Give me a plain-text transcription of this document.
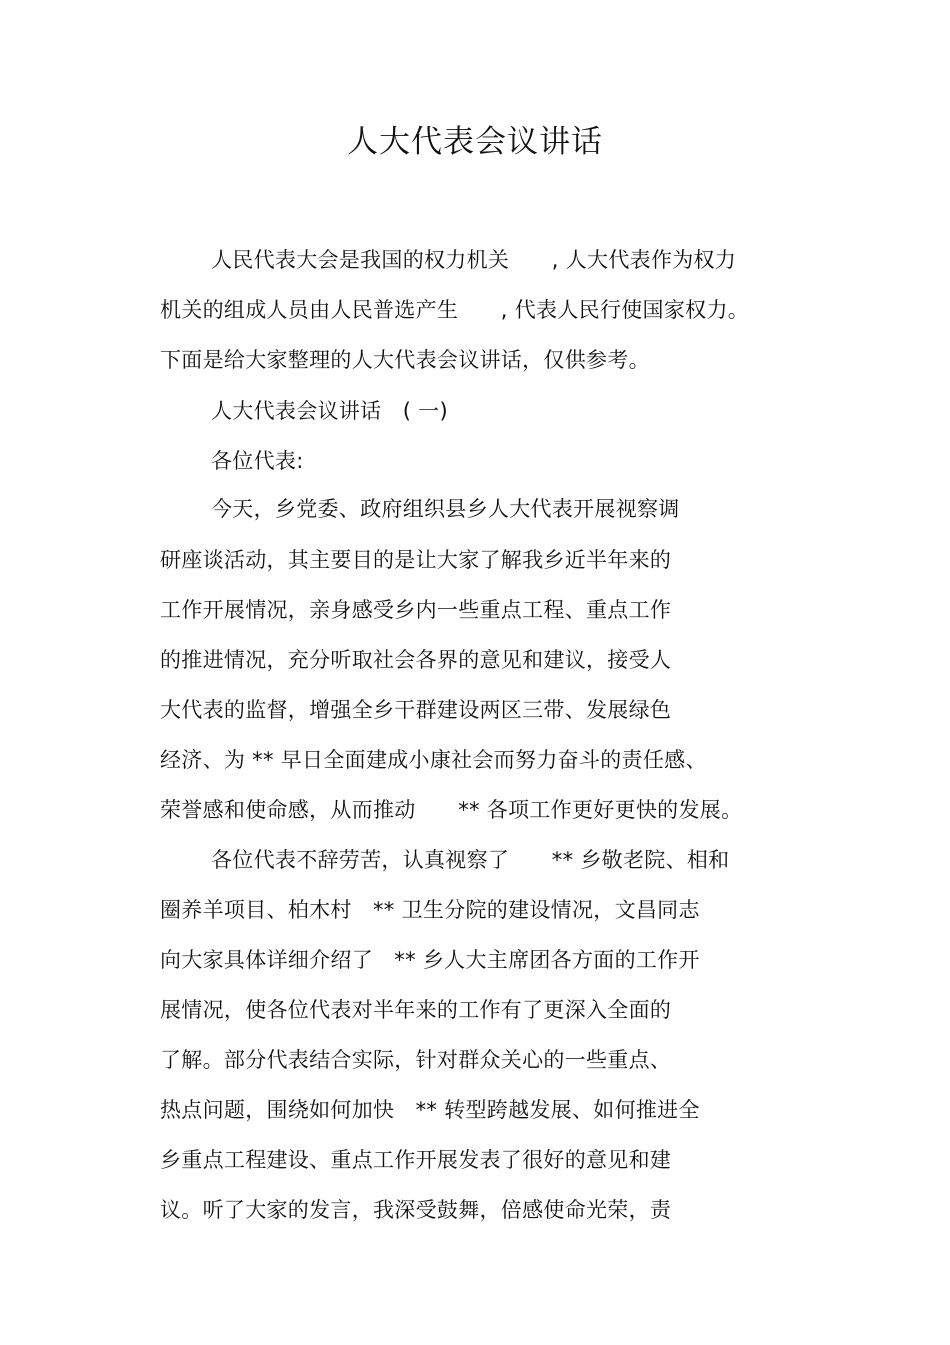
人大代表会议讲话
人民代表大会是我国的权力机关　　, 人大代表作为权力
机关的组成人员由人民普选产生　　, 代表人民行使国家权力。
下面是给大家整理的人大代表会议讲话，仅供参考。
人大代表会议讲话　( 一)
各位代表:
今天，乡党委、政府组织县乡人大代表开展视察调
研座谈活动，其主要目的是让大家了解我乡近半年来的
工作开展情况，亲身感受乡内一些重点工程、重点工作
的推进情况，充分听取社会各界的意见和建议，接受人
大代表的监督，增强全乡干群建设两区三带、发展绿色
经济、为 ** 早日全面建成小康社会而努力奋斗的责任感、
荣誉感和使命感，从而推动　　** 各项工作更好更快的发展。
各位代表不辞劳苦，认真视察了　　** 乡敬老院、相和
圈养羊项目、柏木村　** 卫生分院的建设情况，文昌同志
向大家具体详细介绍了　** 乡人大主席团各方面的工作开
展情况，使各位代表对半年来的工作有了更深入全面的
了解。部分代表结合实际，针对群众关心的一些重点、
热点问题，围绕如何加快　** 转型跨越发展、如何推进全
乡重点工程建设、重点工作开展发表了很好的意见和建
议。听了大家的发言，我深受鼓舞，倍感使命光荣，责
